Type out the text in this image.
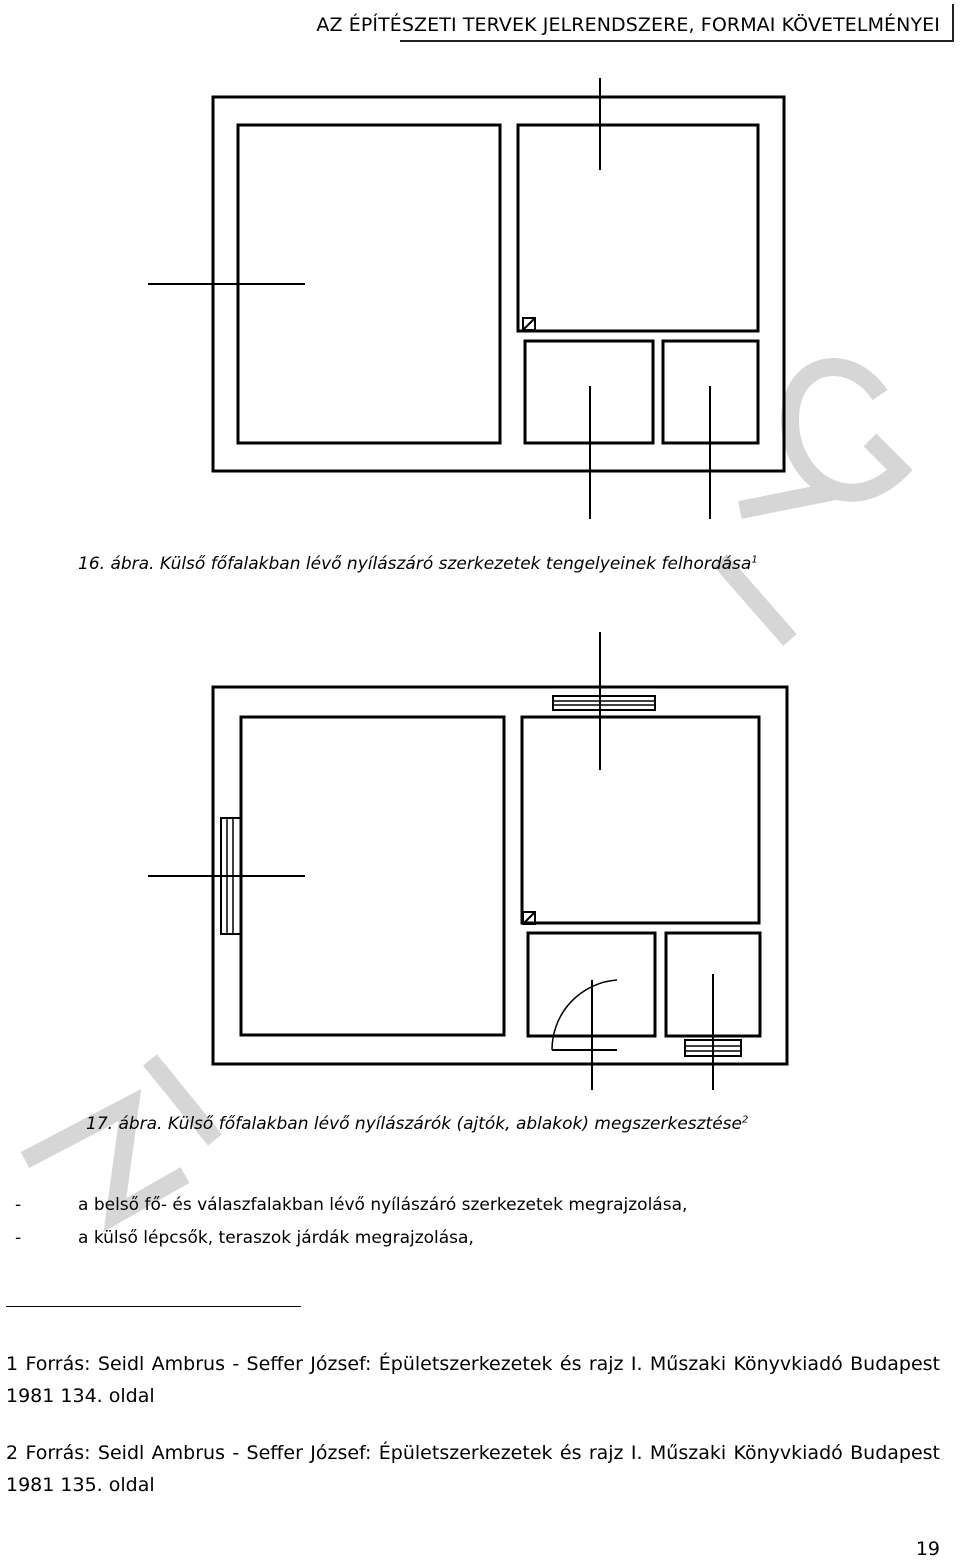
AZ ÉPÍTÉSZETI TERVEK JELRENDSZERE, FORMAI KÖVETELMÉNYEI
16. ábra. Külső főfalakban lévő nyílászáró szerkezetek tengelyeinek felhordása$^1$
17. ábra. Külső főfalakban lévő nyílászárók (ajtók, ablakok) megszerkesztése$^2$
-	a belső fő- és válaszfalakban lévő nyílászáró szerkezetek megrajzolása,
-	a külső lépcsők, teraszok járdák megrajzolása,
1 Forrás: Seidl Ambrus - Seffer József: Épületszerkezetek és rajz I. Műszaki Könyvkiadó Budapest 1981 134. oldal
2 Forrás: Seidl Ambrus - Seffer József: Épületszerkezetek és rajz I. Műszaki Könyvkiadó Budapest 1981 135. oldal
19
